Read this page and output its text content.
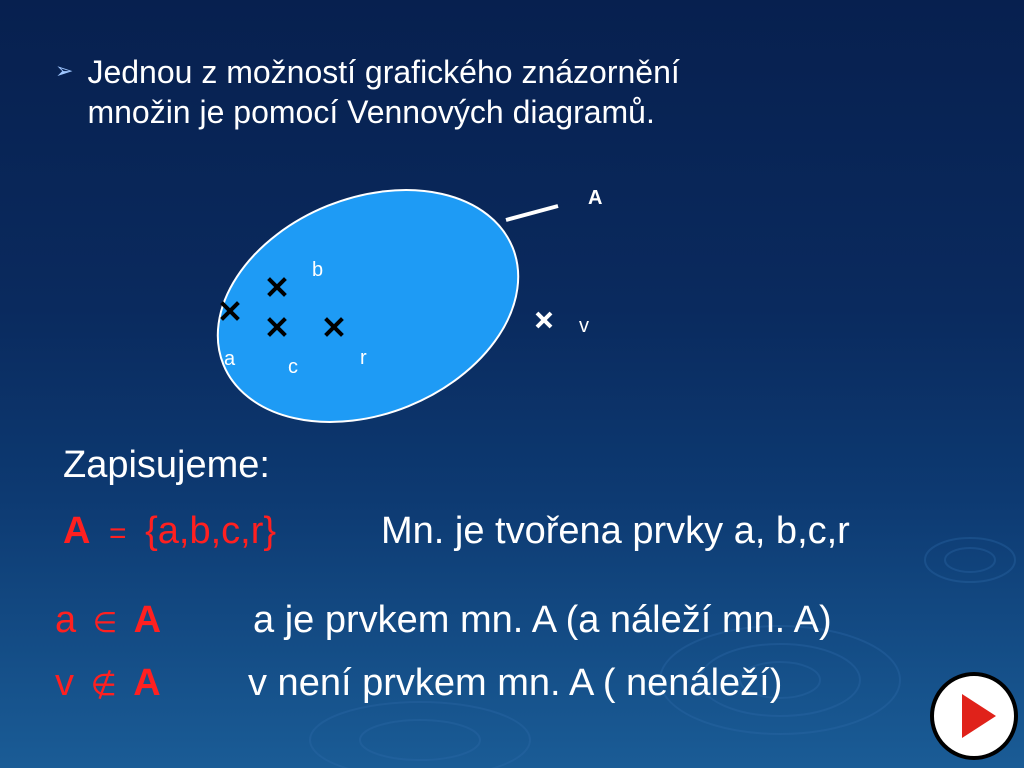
➢ Jednou z možností grafického znázornění
množin je pomocí Vennových diagramů.
A
b
a	c	r
v
Zapisujeme:
A = {a,b,c,r}	Mn. je tvořena prvky a, b,c,r
a ∈ A a je prvkem mn. A (a náleží mn. A)
v ∉ A v není prvkem mn. A ( nenáleží)
